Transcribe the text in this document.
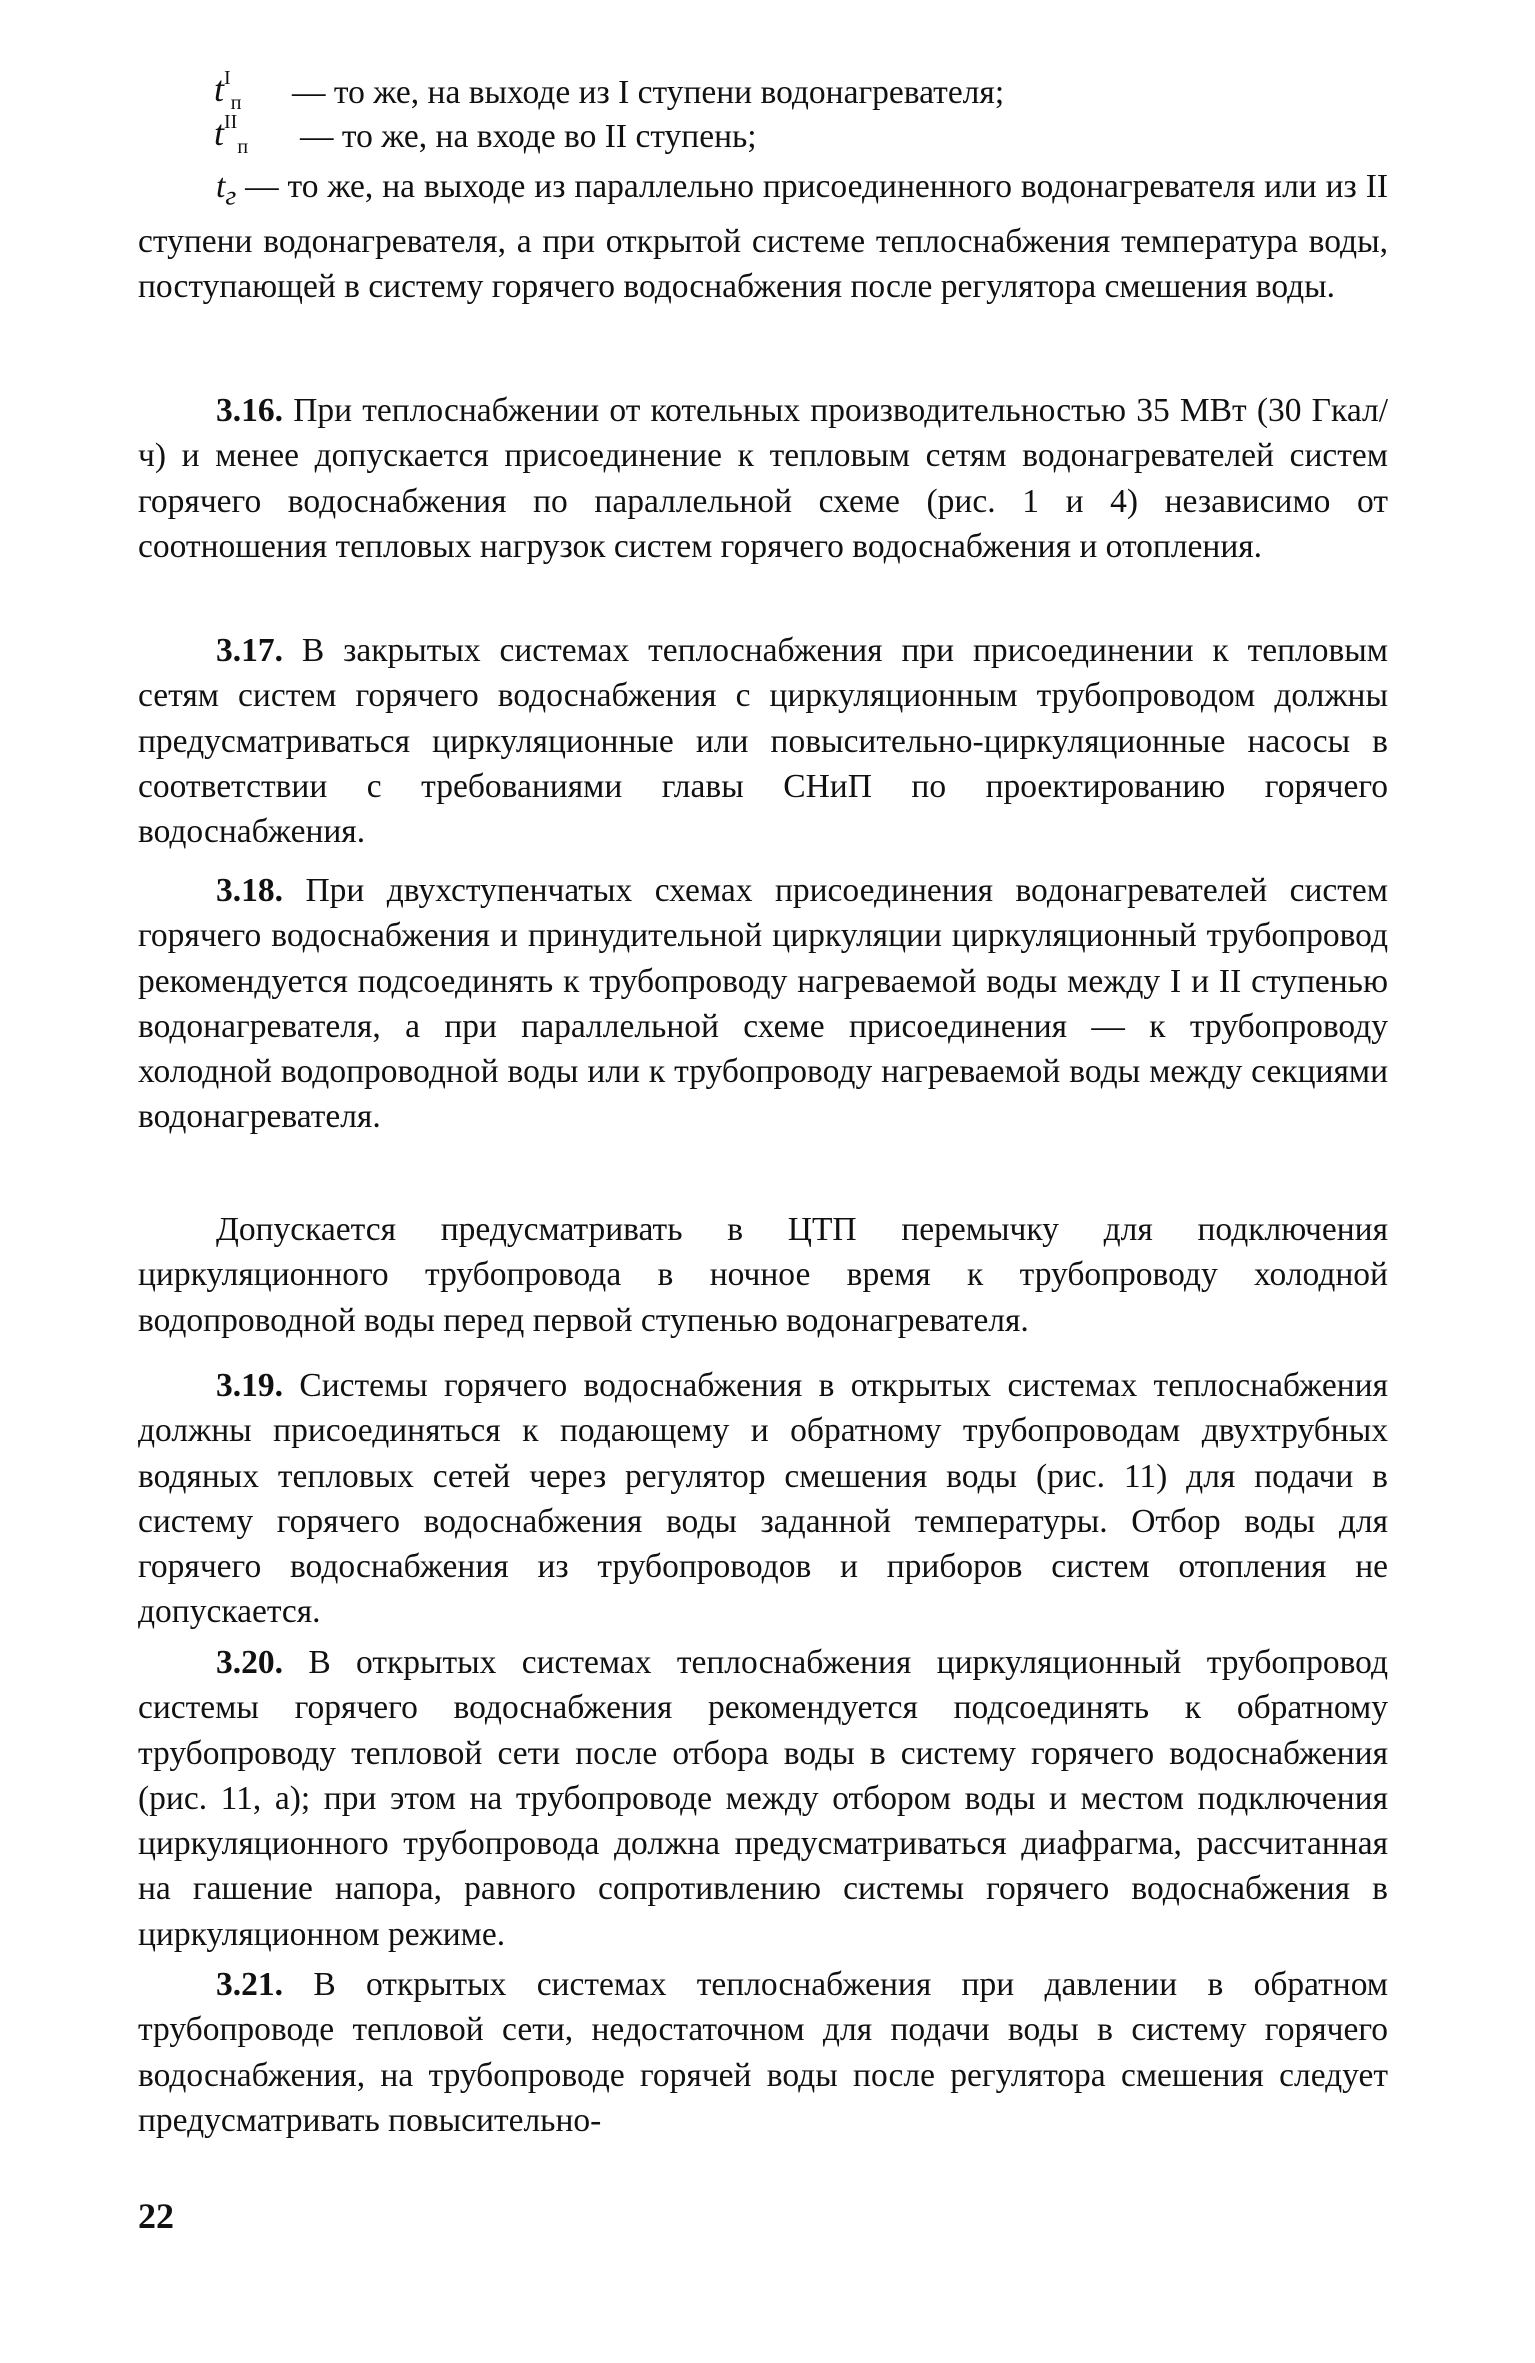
$t^I_п$ — то же, на выходе из I ступени водонагревателя;
$t^{II}_п$ — то же, на входе во II ступень;
$t_г$ — то же, на выходе из параллельно присоединенного водонагревателя или из II ступени водонагревателя, а при открытой системе теплоснабжения температура воды, поступающей в систему горячего водоснабжения после регулятора смешения воды.
3.16. При теплоснабжении от котельных производительностью 35 МВт (30 Гкал/ч) и менее допускается присоединение к тепловым сетям водонагревателей систем горячего водоснабжения по параллельной схеме (рис. 1 и 4) независимо от соотношения тепловых нагрузок систем горячего водоснабжения и отопления.
3.17. В закрытых системах теплоснабжения при присоединении к тепловым сетям систем горячего водоснабжения с циркуляционным трубопроводом должны предусматриваться циркуляционные или повысительно-циркуляционные насосы в соответствии с требованиями главы СНиП по проектированию горячего водоснабжения.
3.18. При двухступенчатых схемах присоединения водонагревателей систем горячего водоснабжения и принудительной циркуляции циркуляционный трубопровод рекомендуется подсоединять к трубопроводу нагреваемой воды между I и II ступенью водонагревателя, а при параллельной схеме присоединения — к трубопроводу холодной водопроводной воды или к трубопроводу нагреваемой воды между секциями водонагревателя.
Допускается предусматривать в ЦТП перемычку для подключения циркуляционного трубопровода в ночное время к трубопроводу холодной водопроводной воды перед первой ступенью водонагревателя.
3.19. Системы горячего водоснабжения в открытых системах теплоснабжения должны присоединяться к подающему и обратному трубопроводам двухтрубных водяных тепловых сетей через регулятор смешения воды (рис. 11) для подачи в систему горячего водоснабжения воды заданной температуры. Отбор воды для горячего водоснабжения из трубопроводов и приборов систем отопления не допускается.
3.20. В открытых системах теплоснабжения циркуляционный трубопровод системы горячего водоснабжения рекомендуется подсоединять к обратному трубопроводу тепловой сети после отбора воды в систему горячего водоснабжения (рис. 11, а); при этом на трубопроводе между отбором воды и местом подключения циркуляционного трубопровода должна предусматриваться диафрагма, рассчитанная на гашение напора, равного сопротивлению системы горячего водоснабжения в циркуляционном режиме.
3.21. В открытых системах теплоснабжения при давлении в обратном трубопроводе тепловой сети, недостаточном для подачи воды в систему горячего водоснабжения, на трубопроводе горячей воды после регулятора смешения следует предусматривать повысительно-
22
